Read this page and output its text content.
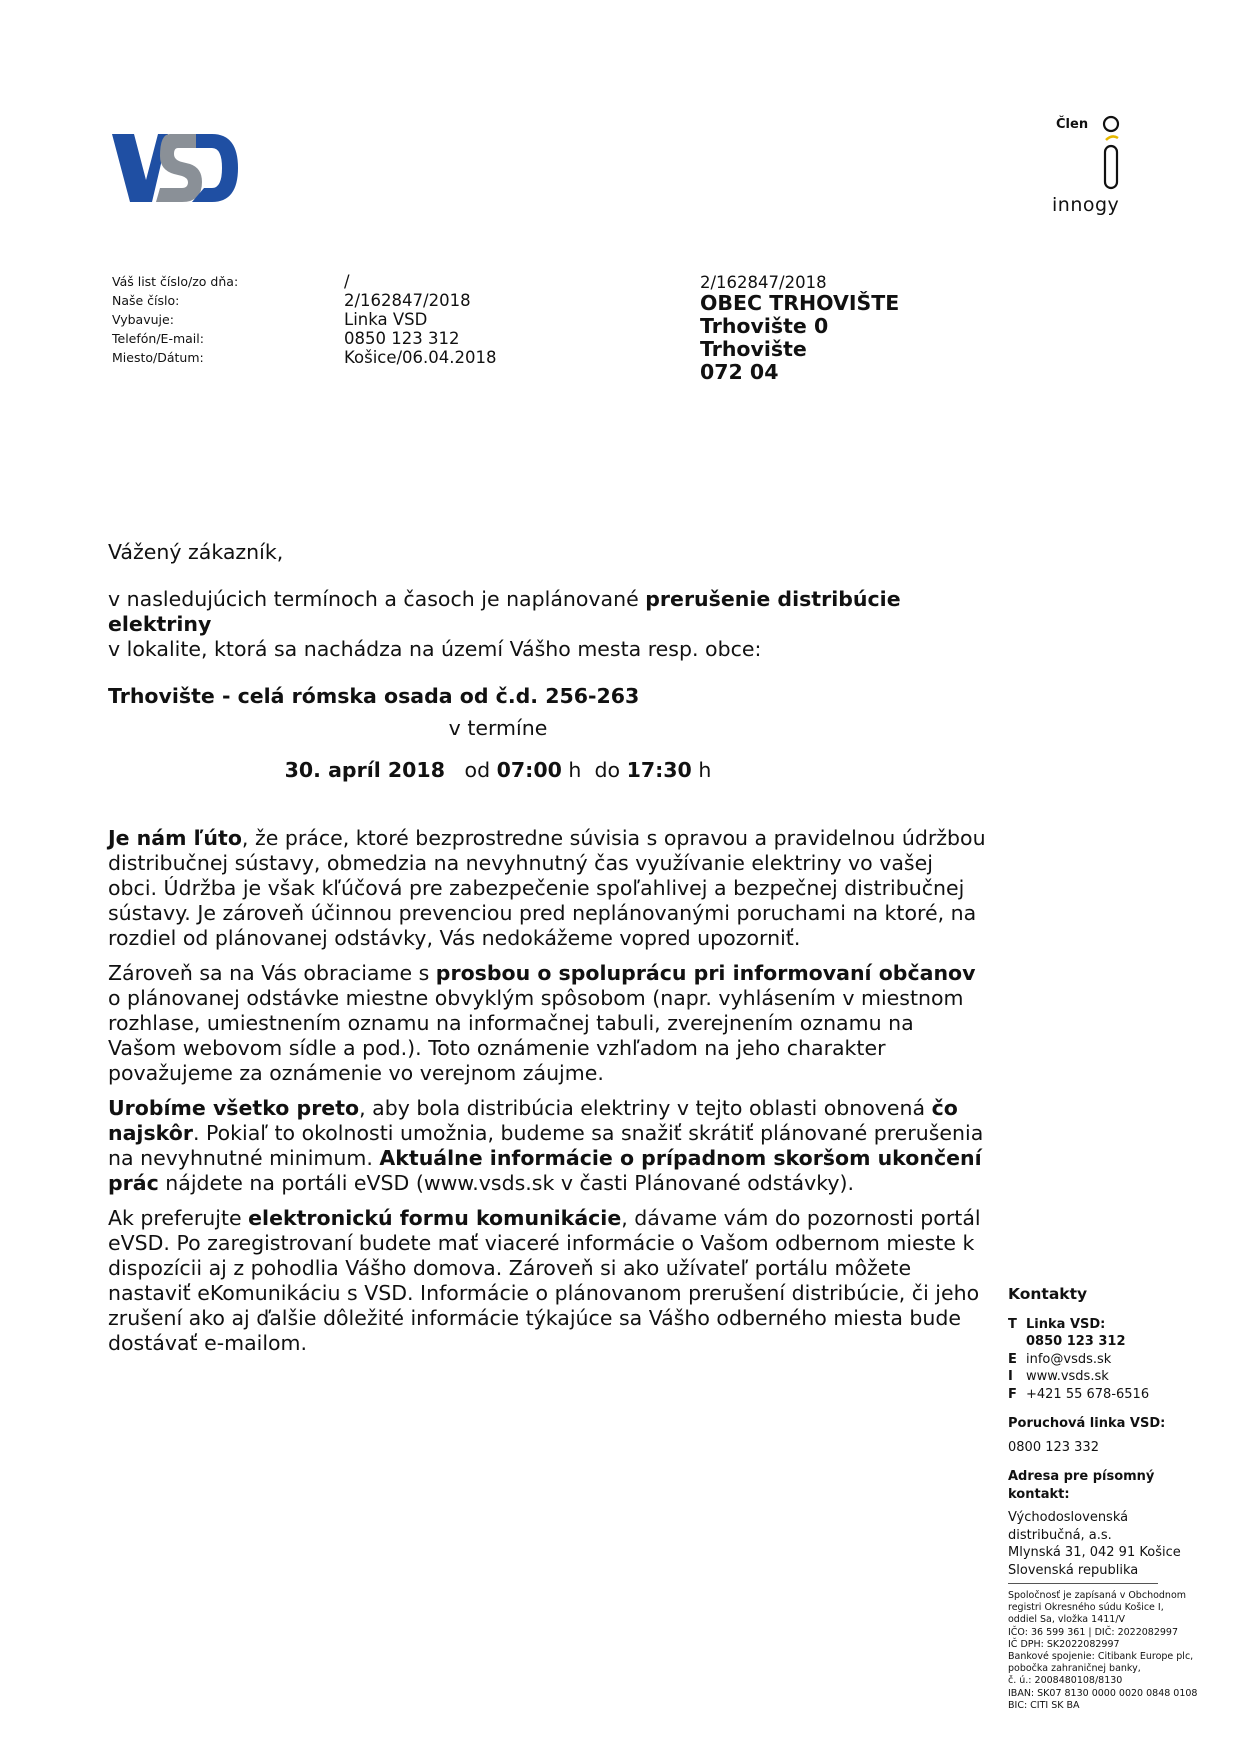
Člen
innogy
Váš list číslo/zo dňa:
Naše číslo:
Vybavuje:
Telefón/E-mail:
Miesto/Dátum:
/
2/162847/2018
Linka VSD
0850 123 312
Košice/06.04.2018
2/162847/2018
OBEC TRHOVIŠTE
Trhovište 0
Trhovište
072 04

Vážený zákazník,

v nasledujúcich termínoch a časoch je naplánované prerušenie distribúcie elektriny
v lokalite, ktorá sa nachádza na území Vášho mesta resp. obce:

Trhovište - celá rómska osada od č.d. 256-263

v termíne
30. apríl 2018 od 07:00 h do 17:30 h

Je nám ľúto, že práce, ktoré bezprostredne súvisia s opravou a pravidelnou údržbou distribučnej sústavy, obmedzia na nevyhnutný čas využívanie elektriny vo vašej obci. Údržba je však kľúčová pre zabezpečenie spoľahlivej a bezpečnej distribučnej sústavy. Je zároveň účinnou prevenciou pred neplánovanými poruchami na ktoré, na rozdiel od plánovanej odstávky, Vás nedokážeme vopred upozorniť.

Zároveň sa na Vás obraciame s prosbou o spoluprácu pri informovaní občanov o plánovanej odstávke miestne obvyklým spôsobom (napr. vyhlásením v miestnom rozhlase, umiestnením oznamu na informačnej tabuli, zverejnením oznamu na Vašom webovom sídle a pod.). Toto oznámenie vzhľadom na jeho charakter považujeme za oznámenie vo verejnom záujme.

Urobíme všetko preto, aby bola distribúcia elektriny v tejto oblasti obnovená čo najskôr. Pokiaľ to okolnosti umožnia, budeme sa snažiť skrátiť plánované prerušenia na nevyhnutné minimum. Aktuálne informácie o prípadnom skoršom ukončení prác nájdete na portáli eVSD (www.vsds.sk v časti Plánované odstávky).

Ak preferujte elektronickú formu komunikácie, dávame vám do pozornosti portál eVSD. Po zaregistrovaní budete mať viaceré informácie o Vašom odbernom mieste k dispozícii aj z pohodlia Vášho domova. Zároveň si ako užívateľ portálu môžete nastaviť eKomunikáciu s VSD. Informácie o plánovanom prerušení distribúcie, či jeho zrušení ako aj ďalšie dôležité informácie týkajúce sa Vášho odberného miesta bude dostávať e-mailom.

Kontakty
T Linka VSD:
0850 123 312
E info@vsds.sk
I	www.vsds.sk
F +421 55 678-6516
Poruchová linka VSD:
0800 123 332
Adresa pre písomný kontakt:
Východoslovenská
distribučná, a.s.
Mlynská 31, 042 91 Košice
Slovenská republika
Spoločnosť je zapísaná v Obchodnom
registri Okresného súdu Košice I,
oddiel Sa, vložka 1411/V
IČO: 36 599 361 | DIČ: 2022082997
IČ DPH: SK2022082997
Bankové spojenie: Citibank Europe plc,
pobočka zahraničnej banky,
č. ú.: 2008480108/8130
IBAN: SK07 8130 0000 0020 0848 0108
BIC: CITI SK BA
